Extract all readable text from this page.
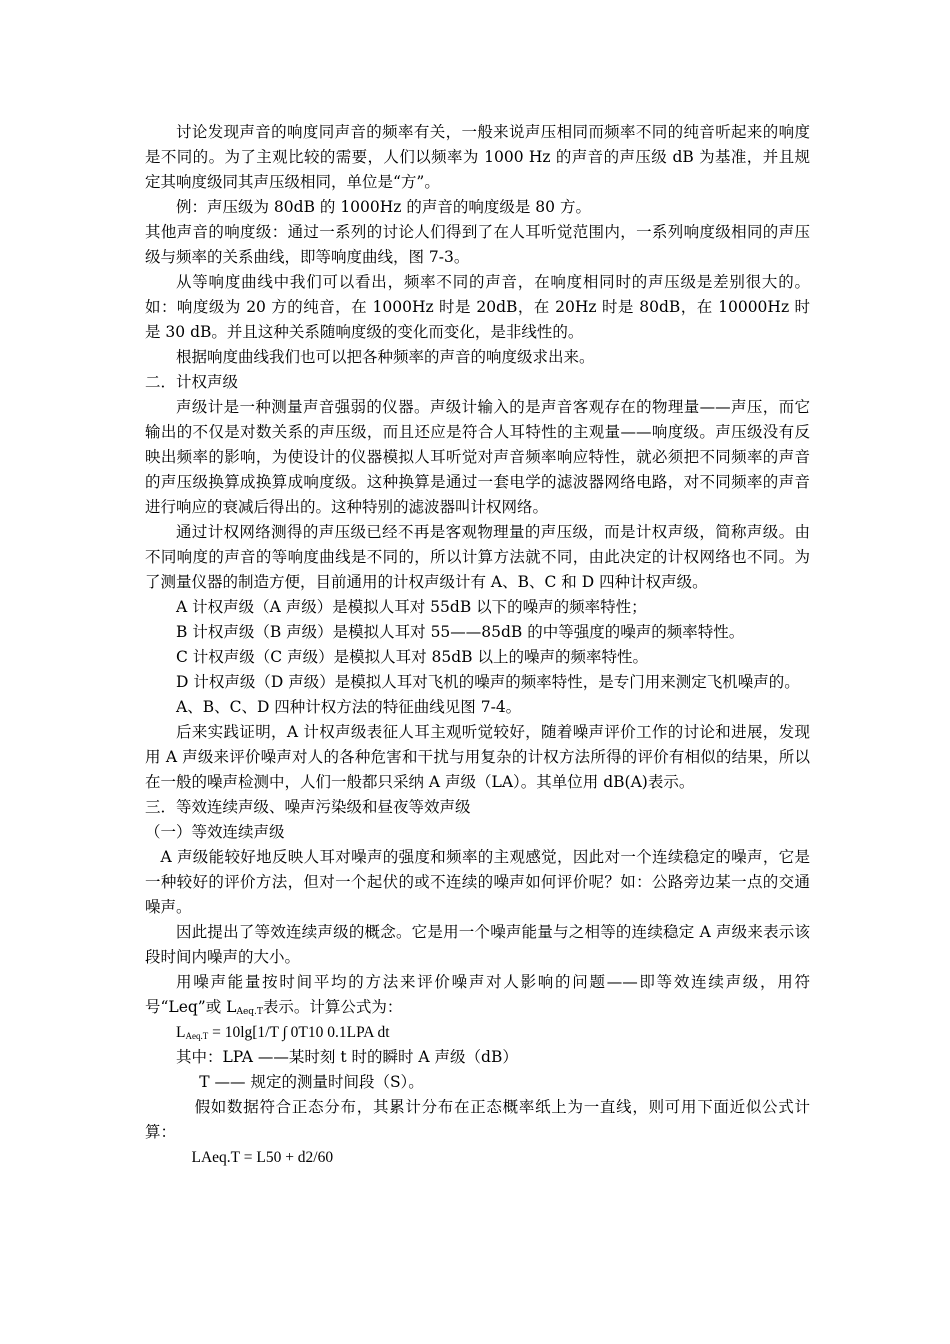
讨论发现声音的响度同声音的频率有关，一般来说声压相同而频率不同的纯音听起来的响度是不同的。为了主观比较的需要，人们以频率为 1000 Hz 的声音的声压级 dB 为基准，并且规定其响度级同其声压级相同，单位是“方”。

例：声压级为 80dB 的 1000Hz 的声音的响度级是 80 方。

其他声音的响度级：通过一系列的讨论人们得到了在人耳听觉范围内，一系列响度级相同的声压级与频率的关系曲线，即等响度曲线，图 7-3。

从等响度曲线中我们可以看出，频率不同的声音，在响度相同时的声压级是差别很大的。如：响度级为 20 方的纯音，在 1000Hz 时是 20dB，在 20Hz 时是 80dB，在 10000Hz 时是 30 dB。并且这种关系随响度级的变化而变化，是非线性的。

根据响度曲线我们也可以把各种频率的声音的响度级求出来。

二．计权声级

声级计是一种测量声音强弱的仪器。声级计输入的是声音客观存在的物理量——声压，而它输出的不仅是对数关系的声压级，而且还应是符合人耳特性的主观量——响度级。声压级没有反映出频率的影响，为使设计的仪器模拟人耳听觉对声音频率响应特性，就必须把不同频率的声音的声压级换算成换算成响度级。这种换算是通过一套电学的滤波器网络电路，对不同频率的声音进行响应的衰减后得出的。这种特别的滤波器叫计权网络。

通过计权网络测得的声压级已经不再是客观物理量的声压级，而是计权声级，简称声级。由不同响度的声音的等响度曲线是不同的，所以计算方法就不同，由此决定的计权网络也不同。为了测量仪器的制造方便，目前通用的计权声级计有 A、B、C 和 D 四种计权声级。

A 计权声级（A 声级）是模拟人耳对 55dB 以下的噪声的频率特性；

B 计权声级（B 声级）是模拟人耳对 55——85dB 的中等强度的噪声的频率特性。

C 计权声级（C 声级）是模拟人耳对 85dB 以上的噪声的频率特性。

D 计权声级（D 声级）是模拟人耳对飞机的噪声的频率特性，是专门用来测定飞机噪声的。

A、B、C、D 四种计权方法的特征曲线见图 7-4。

后来实践证明，A 计权声级表征人耳主观听觉较好，随着噪声评价工作的讨论和进展，发现用 A 声级来评价噪声对人的各种危害和干扰与用复杂的计权方法所得的评价有相似的结果，所以在一般的噪声检测中，人们一般都只采纳 A 声级（LA）。其单位用 dB(A)表示。

三．等效连续声级、噪声污染级和昼夜等效声级

（一）等效连续声级

A 声级能较好地反映人耳对噪声的强度和频率的主观感觉，因此对一个连续稳定的噪声，它是一种较好的评价方法，但对一个起伏的或不连续的噪声如何评价呢？如：公路旁边某一点的交通噪声。

因此提出了等效连续声级的概念。它是用一个噪声能量与之相等的连续稳定 A 声级来表示该段时间内噪声的大小。

用噪声能量按时间平均的方法来评价噪声对人影响的问题——即等效连续声级，用符号“Leq”或 $L_{Aeq.T}$表示。计算公式为：

$L_{Aeq.T} = 10\lg[1/T$ ∫ 0T10 0.1LPA dt

其中：LPA ——某时刻 t 时的瞬时 A 声级（dB）

T —— 规定的测量时间段（S）。

假如数据符合正态分布，其累计分布在正态概率纸上为一直线，则可用下面近似公式计算：

LAeq.T = L50 + d2/60
